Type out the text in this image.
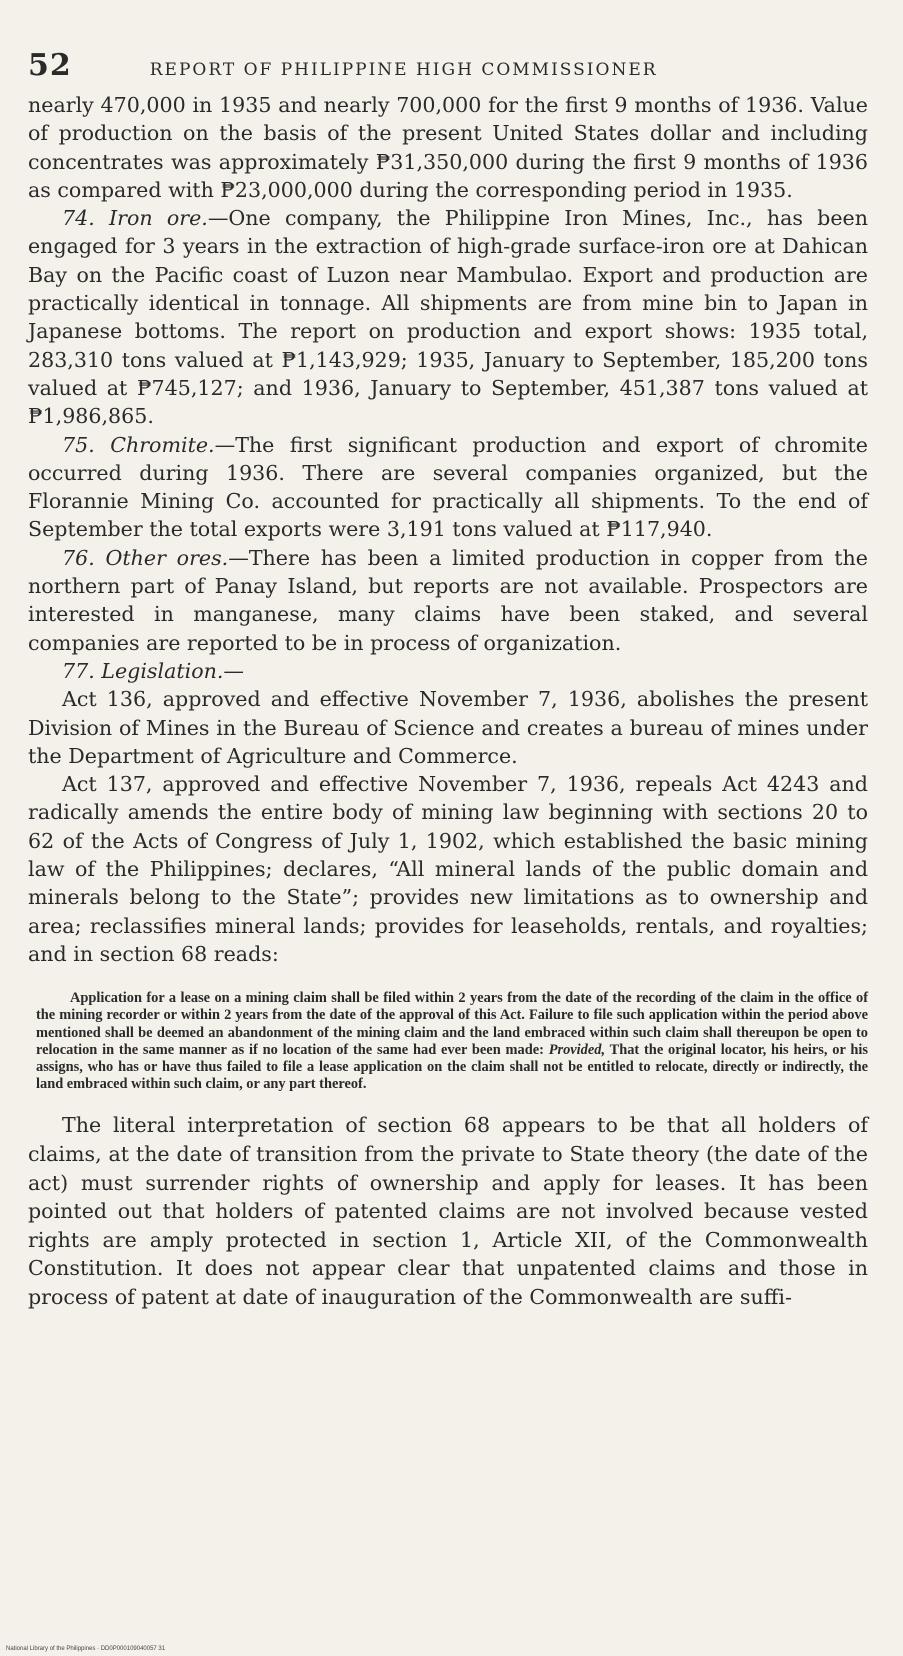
52	REPORT OF PHILIPPINE HIGH COMMISSIONER

nearly 470,000 in 1935 and nearly 700,000 for the first 9 months of 1936. Value of production on the basis of the present United States dollar and including concentrates was approximately ₱31,350,000 during the first 9 months of 1936 as compared with ₱23,000,000 during the corresponding period in 1935.

74. Iron ore.—One company, the Philippine Iron Mines, Inc., has been engaged for 3 years in the extraction of high-grade surface-iron ore at Dahican Bay on the Pacific coast of Luzon near Mambulao. Export and production are practically identical in tonnage. All shipments are from mine bin to Japan in Japanese bottoms. The report on production and export shows: 1935 total, 283,310 tons valued at ₱1,143,929; 1935, January to September, 185,200 tons valued at ₱745,127; and 1936, January to September, 451,387 tons valued at ₱1,986,865.

75. Chromite.—The first significant production and export of chromite occurred during 1936. There are several companies organized, but the Florannie Mining Co. accounted for practically all shipments. To the end of September the total exports were 3,191 tons valued at ₱117,940.

76. Other ores.—There has been a limited production in copper from the northern part of Panay Island, but reports are not available. Prospectors are interested in manganese, many claims have been staked, and several companies are reported to be in process of organization.

77. Legislation.—

Act 136, approved and effective November 7, 1936, abolishes the present Division of Mines in the Bureau of Science and creates a bureau of mines under the Department of Agriculture and Commerce.

Act 137, approved and effective November 7, 1936, repeals Act 4243 and radically amends the entire body of mining law beginning with sections 20 to 62 of the Acts of Congress of July 1, 1902, which established the basic mining law of the Philippines; declares, “All mineral lands of the public domain and minerals belong to the State”; provides new limitations as to ownership and area; reclassifies mineral lands; provides for leaseholds, rentals, and royalties; and in section 68 reads:

Application for a lease on a mining claim shall be filed within 2 years from the date of the recording of the claim in the office of the mining recorder or within 2 years from the date of the approval of this Act. Failure to file such application within the period above mentioned shall be deemed an abandonment of the mining claim and the land embraced within such claim shall thereupon be open to relocation in the same manner as if no location of the same had ever been made: Provided, That the original locator, his heirs, or his assigns, who has or have thus failed to file a lease application on the claim shall not be entitled to relocate, directly or indirectly, the land embraced within such claim, or any part thereof.

The literal interpretation of section 68 appears to be that all holders of claims, at the date of transition from the private to State theory (the date of the act) must surrender rights of ownership and apply for leases. It has been pointed out that holders of patented claims are not involved because vested rights are amply protected in section 1, Article XII, of the Commonwealth Constitution. It does not appear clear that unpatented claims and those in process of patent at date of inauguration of the Commonwealth are suffi-

National Library of the Philippines · DD0P000109040057 31
